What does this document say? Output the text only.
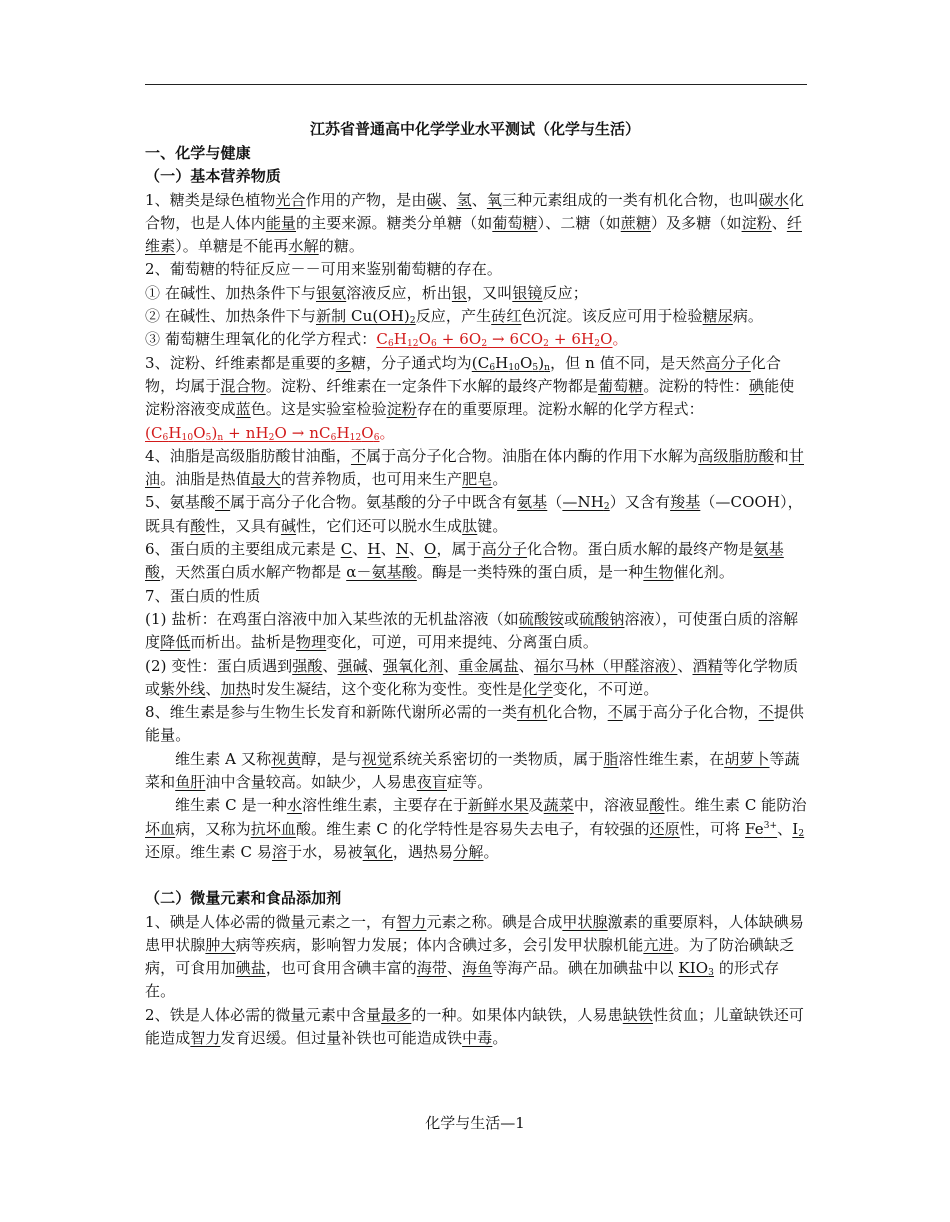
江苏省普通高中化学学业水平测试（化学与生活）

一、化学与健康

（一）基本营养物质

1、糖类是绿色植物光合作用的产物，是由碳、氢、氧三种元素组成的一类有机化合物，也叫碳水化合物，也是人体内能量的主要来源。糖类分单糖（如葡萄糖）、二糖（如蔗糖）及多糖（如淀粉、纤维素）。单糖是不能再水解的糖。

2、葡萄糖的特征反应－－可用来鉴别葡萄糖的存在。

① 在碱性、加热条件下与银氨溶液反应，析出银，又叫银镜反应；

② 在碱性、加热条件下与新制 $Cu(OH)_2$反应，产生砖红色沉淀。该反应可用于检验糖尿病。

③ 葡萄糖生理氧化的化学方程式：$C_6H_{12}O_6 + 6O_2 \to 6CO_2 + 6H_2O$。

3、淀粉、纤维素都是重要的多糖，分子通式均为$(C_6H_{10}O_5)_n$，但 n 值不同，是天然高分子化合物，均属于混合物。淀粉、纤维素在一定条件下水解的最终产物都是葡萄糖。淀粉的特性：碘能使淀粉溶液变成蓝色。这是实验室检验淀粉存在的重要原理。淀粉水解的化学方程式：

$(C_6H_{10}O_5)_n + nH_2O \to nC_6H_{12}O_6$。

4、油脂是高级脂肪酸甘油酯，不属于高分子化合物。油脂在体内酶的作用下水解为高级脂肪酸和甘油。油脂是热值最大的营养物质，也可用来生产肥皂。

5、氨基酸不属于高分子化合物。氨基酸的分子中既含有氨基$(—NH_2)$又含有羧基（—COOH），既具有酸性，又具有碱性，它们还可以脱水生成肽键。

6、蛋白质的主要组成元素是 C、H、N、O，属于高分子化合物。蛋白质水解的最终产物是氨基酸，天然蛋白质水解产物都是 α－氨基酸。酶是一类特殊的蛋白质，是一种生物催化剂。

7、蛋白质的性质

(1) 盐析：在鸡蛋白溶液中加入某些浓的无机盐溶液（如硫酸铵或硫酸钠溶液），可使蛋白质的溶解度降低而析出。盐析是物理变化，可逆，可用来提纯、分离蛋白质。

(2) 变性：蛋白质遇到强酸、强碱、强氧化剂、重金属盐、福尔马林（甲醛溶液）、酒精等化学物质或紫外线、加热时发生凝结，这个变化称为变性。变性是化学变化，不可逆。

8、维生素是参与生物生长发育和新陈代谢所必需的一类有机化合物，不属于高分子化合物，不提供能量。

维生素 A 又称视黄醇，是与视觉系统关系密切的一类物质，属于脂溶性维生素，在胡萝卜等蔬菜和鱼肝油中含量较高。如缺少，人易患夜盲症等。

维生素 C 是一种水溶性维生素，主要存在于新鲜水果及蔬菜中，溶液显酸性。维生素 C 能防治坏血病，又称为抗坏血酸。维生素 C 的化学特性是容易失去电子，有较强的还原性，可将 $Fe^{3+}$、$I_2$ 还原。维生素 C 易溶于水，易被氧化，遇热易分解。

（二）微量元素和食品添加剂

1、碘是人体必需的微量元素之一，有智力元素之称。碘是合成甲状腺激素的重要原料，人体缺碘易患甲状腺肿大病等疾病，影响智力发展；体内含碘过多，会引发甲状腺机能亢进。为了防治碘缺乏病，可食用加碘盐，也可食用含碘丰富的海带、海鱼等海产品。碘在加碘盐中以 $KIO_3$ 的形式存在。

2、铁是人体必需的微量元素中含量最多的一种。如果体内缺铁，人易患缺铁性贫血；儿童缺铁还可能造成智力发育迟缓。但过量补铁也可能造成铁中毒。

化学与生活—1
